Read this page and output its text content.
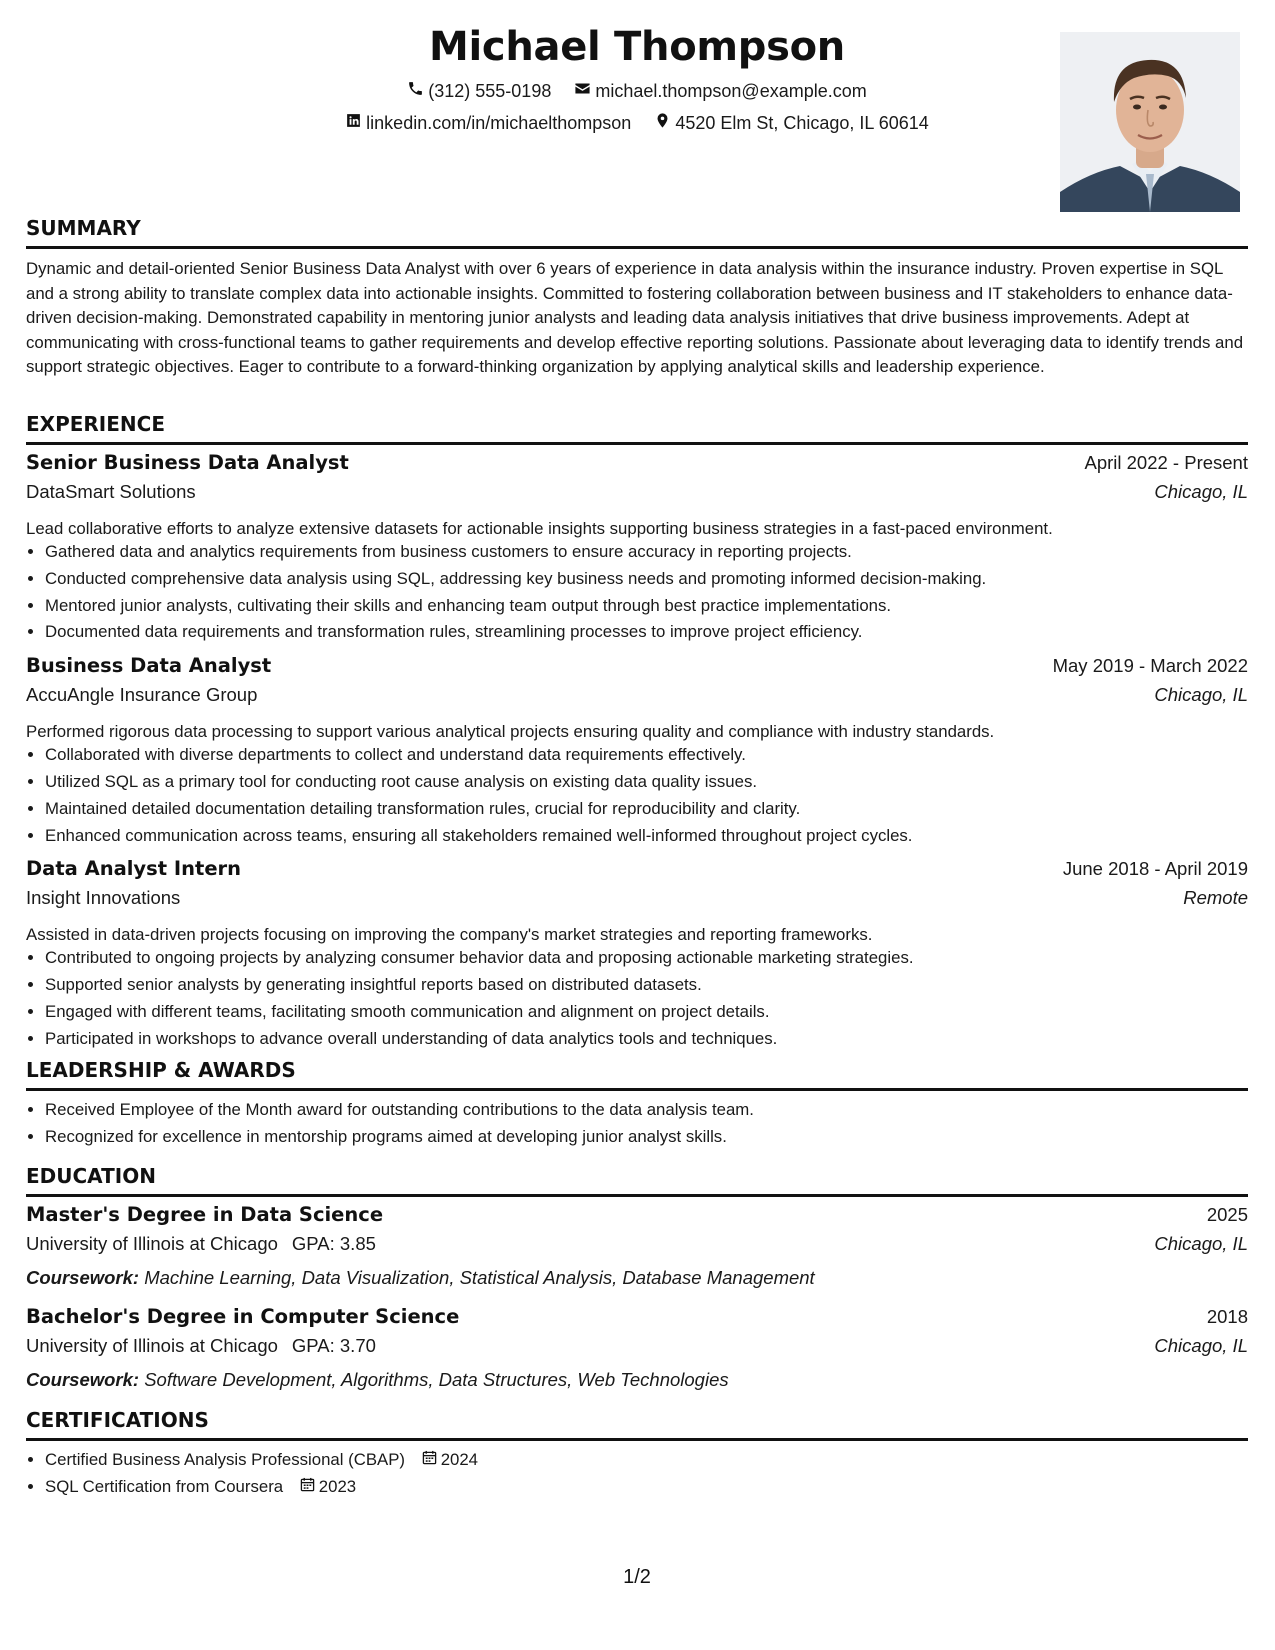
Michael Thompson
(312) 555-0198
michael.thompson@example.com
linkedin.com/in/michaelthompson
4520 Elm St, Chicago, IL 60614
SUMMARY
Dynamic and detail-oriented Senior Business Data Analyst with over 6 years of experience in data analysis within the insurance industry. Proven expertise in SQL and a strong ability to translate complex data into actionable insights. Committed to fostering collaboration between business and IT stakeholders to enhance data-driven decision-making. Demonstrated capability in mentoring junior analysts and leading data analysis initiatives that drive business improvements. Adept at communicating with cross-functional teams to gather requirements and develop effective reporting solutions. Passionate about leveraging data to identify trends and support strategic objectives. Eager to contribute to a forward-thinking organization by applying analytical skills and leadership experience.
EXPERIENCE
Senior Business Data Analyst	April 2022 - Present
DataSmart Solutions	Chicago, IL
Lead collaborative efforts to analyze extensive datasets for actionable insights supporting business strategies in a fast-paced environment.
• Gathered data and analytics requirements from business customers to ensure accuracy in reporting projects.
• Conducted comprehensive data analysis using SQL, addressing key business needs and promoting informed decision-making.
• Mentored junior analysts, cultivating their skills and enhancing team output through best practice implementations.
• Documented data requirements and transformation rules, streamlining processes to improve project efficiency.
Business Data Analyst	May 2019 - March 2022
AccuAngle Insurance Group	Chicago, IL
Performed rigorous data processing to support various analytical projects ensuring quality and compliance with industry standards.
• Collaborated with diverse departments to collect and understand data requirements effectively.
• Utilized SQL as a primary tool for conducting root cause analysis on existing data quality issues.
• Maintained detailed documentation detailing transformation rules, crucial for reproducibility and clarity.
• Enhanced communication across teams, ensuring all stakeholders remained well-informed throughout project cycles.
Data Analyst Intern	June 2018 - April 2019
Insight Innovations	Remote
Assisted in data-driven projects focusing on improving the company's market strategies and reporting frameworks.
• Contributed to ongoing projects by analyzing consumer behavior data and proposing actionable marketing strategies.
• Supported senior analysts by generating insightful reports based on distributed datasets.
• Engaged with different teams, facilitating smooth communication and alignment on project details.
• Participated in workshops to advance overall understanding of data analytics tools and techniques.
LEADERSHIP & AWARDS
• Received Employee of the Month award for outstanding contributions to the data analysis team.
• Recognized for excellence in mentorship programs aimed at developing junior analyst skills.
EDUCATION
Master's Degree in Data Science	2025
University of Illinois at Chicago GPA: 3.85	Chicago, IL
Coursework: Machine Learning, Data Visualization, Statistical Analysis, Database Management
Bachelor's Degree in Computer Science	2018
University of Illinois at Chicago GPA: 3.70	Chicago, IL
Coursework: Software Development, Algorithms, Data Structures, Web Technologies
CERTIFICATIONS
• Certified Business Analysis Professional (CBAP) 2024
• SQL Certification from Coursera 2023
1/2
